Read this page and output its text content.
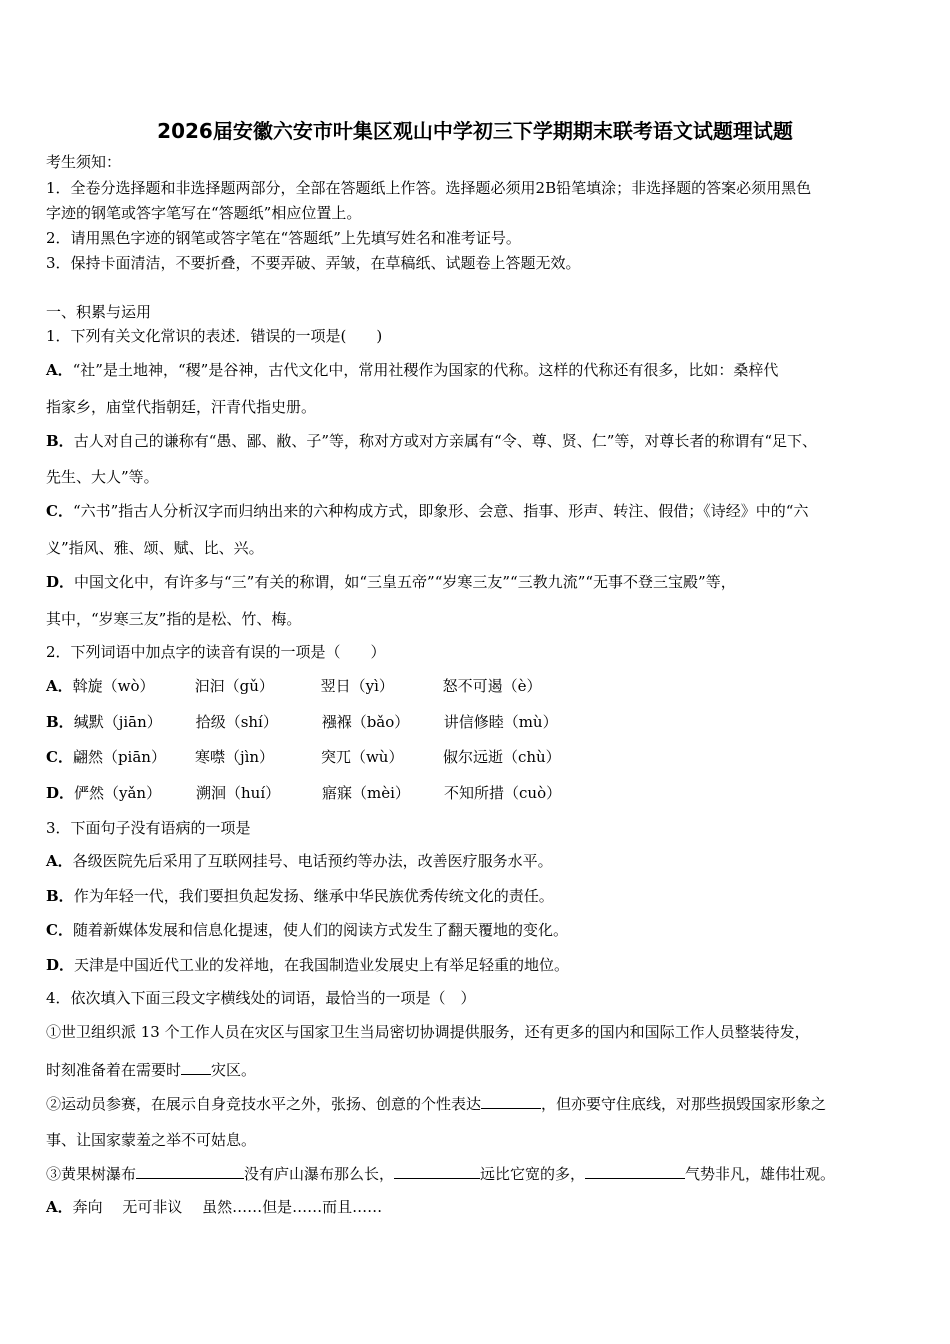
2026届安徽六安市叶集区观山中学初三下学期期末联考语文试题理试题
考生须知：
1．全卷分选择题和非选择题两部分，全部在答题纸上作答。选择题必须用2B铅笔填涂；非选择题的答案必须用黑色
字迹的钢笔或答字笔写在“答题纸”相应位置上。
2．请用黑色字迹的钢笔或答字笔在“答题纸”上先填写姓名和准考证号。
3．保持卡面清洁，不要折叠，不要弄破、弄皱，在草稿纸、试题卷上答题无效。
一、积累与运用
1．下列有关文化常识的表述．错误的一项是(　　)
A．“社”是土地神，“稷”是谷神，古代文化中，常用社稷作为国家的代称。这样的代称还有很多，比如：桑梓代
指家乡，庙堂代指朝廷，汗青代指史册。
B．古人对自己的谦称有“愚、鄙、敝、子”等，称对方或对方亲属有“令、尊、贤、仁”等，对尊长者的称谓有“足下、
先生、大人”等。
C．“六书”指古人分析汉字而归纳出来的六种构成方式，即象形、会意、指事、形声、转注、假借；《诗经》中的“六
义”指风、雅、颂、赋、比、兴。
D．中国文化中，有许多与“三”有关的称谓，如“三皇五帝”“岁寒三友”“三教九流”“无事不登三宝殿”等，
其中，“岁寒三友”指的是松、竹、梅。
2．下列词语中加点字的读音有误的一项是（　　）
A．斡旋（wò）	汩汩（gǔ）	翌日（yì）	怒不可遏（è）
B．缄默（jiān） 拾级（shí）	襁褓（bǎo） 讲信修睦（mù）
C．翩然（piān） 寒噤（jìn）	突兀（wù）	俶尔远逝（chù）
D．俨然（yǎn） 溯洄（huí）	寤寐（mèi） 不知所措（cuò）
3．下面句子没有语病的一项是
A．各级医院先后采用了互联网挂号、电话预约等办法，改善医疗服务水平。
B．作为年轻一代，我们要担负起发扬、继承中华民族优秀传统文化的责任。
C．随着新媒体发展和信息化提速，使人们的阅读方式发生了翻天覆地的变化。
D．天津是中国近代工业的发祥地，在我国制造业发展史上有举足轻重的地位。
4．依次填入下面三段文字横线处的词语，最恰当的一项是（　）
①世卫组织派 13 个工作人员在灾区与国家卫生当局密切协调提供服务，还有更多的国内和国际工作人员整装待发，
时刻准备着在需要时 灾区。
②运动员参赛，在展示自身竞技水平之外，张扬、创意的个性表达	，但亦要守住底线，对那些损毁国家形象之
事、让国家蒙羞之举不可姑息。
③黄果树瀑布	没有庐山瀑布那么长，	远比它宽的多，	气势非凡，雄伟壮观。
A．奔向　 无可非议　 虽然……但是……而且……
